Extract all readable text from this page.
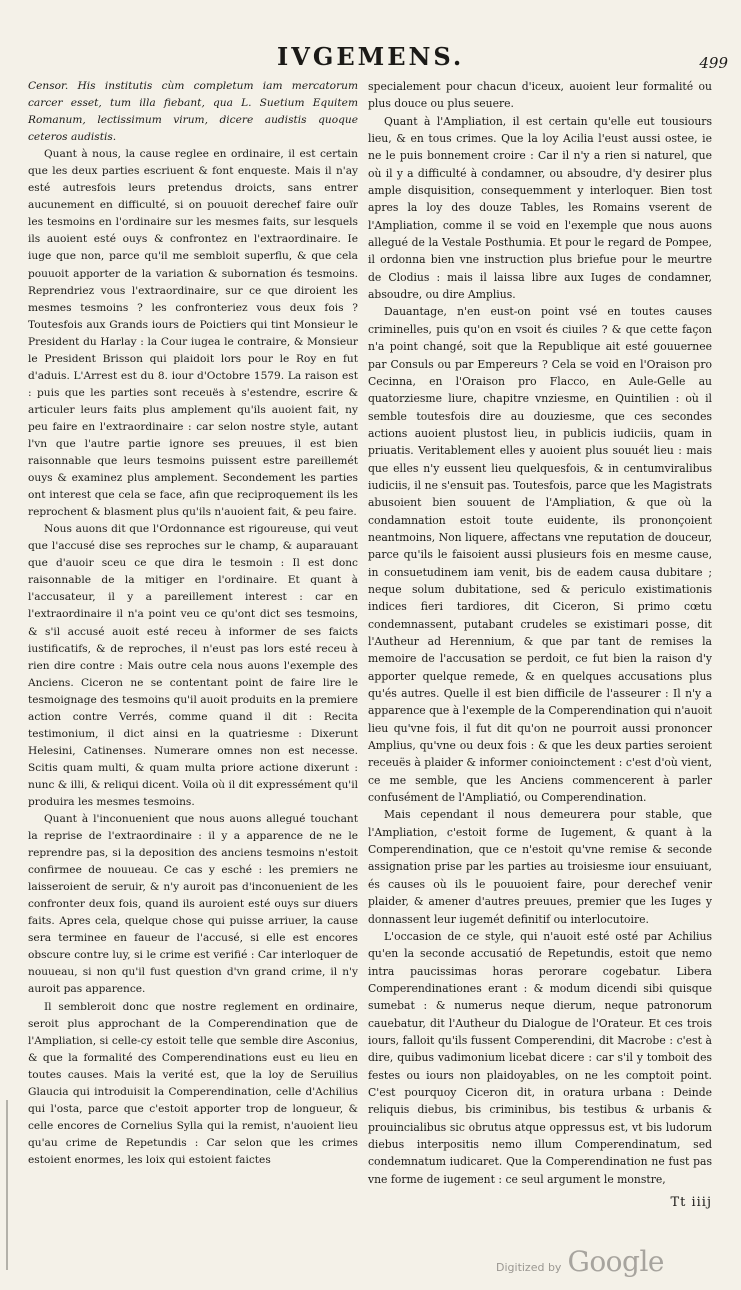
IVGEMENS.	499

Censor. His institutis cùm completum iam mercatorum carcer esset, tum illa fiebant, qua L. Suetium Equitem Romanum, lectissimum virum, dicere audistis quoque ceteros audistis.

Quant à nous, la cause reglee en ordinaire, il est certain que les deux parties escriuent & font enqueste. Mais il n'ay esté autresfois leurs pretendus droicts, sans entrer aucunement en difficulté, si on pouuoit derechef faire ouïr les tesmoins en l'ordinaire sur les mesmes faits, sur lesquels ils auoient esté ouys & confrontez en l'extraordinaire. Ie iuge que non, parce qu'il me sembloit superflu, & que cela pouuoit apporter de la variation & subornation és tesmoins. Reprendriez vous l'extraordinaire, sur ce que diroient les mesmes tesmoins ? les confronteriez vous deux fois ? Toutesfois aux Grands iours de Poictiers qui tint Monsieur le President du Harlay : la Cour iugea le contraire, & Monsieur le President Brisson qui plaidoit lors pour le Roy en fut d'aduis. L'Arrest est du 8. iour d'Octobre 1579. La raison est : puis que les parties sont receuës à s'estendre, escrire & articuler leurs faits plus amplement qu'ils auoient fait, ny peu faire en l'extraordinaire : car selon nostre style, autant l'vn que l'autre partie ignore ses preuues, il est bien raisonnable que leurs tesmoins puissent estre pareillemét ouys & examinez plus amplement. Secondement les parties ont interest que cela se face, afin que reciproquement ils les reprochent & blasment plus qu'ils n'auoient fait, & peu faire.

Nous auons dit que l'Ordonnance est rigoureuse, qui veut que l'accusé dise ses reproches sur le champ, & auparauant que d'auoir sceu ce que dira le tesmoin : Il est donc raisonnable de la mitiger en l'ordinaire. Et quant à l'accusateur, il y a pareillement interest : car en l'extraordinaire il n'a point veu ce qu'ont dict ses tesmoins, & s'il accusé auoit esté receu à informer de ses faicts iustificatifs, & de reproches, il n'eust pas lors esté receu à rien dire contre : Mais outre cela nous auons l'exemple des Anciens. Ciceron ne se contentant point de faire lire le tesmoignage des tesmoins qu'il auoit produits en la premiere action contre Verrés, comme quand il dit : Recita testimonium, il dict ainsi en la quatriesme : Dixerunt Helesini, Catinenses. Numerare omnes non est necesse. Scitis quam multi, & quam multa priore actione dixerunt : nunc & illi, & reliqui dicent. Voila où il dit expressément qu'il produira les mesmes tesmoins.

Quant à l'inconuenient que nous auons allegué touchant la reprise de l'extraordinaire : il y a apparence de ne le reprendre pas, si la deposition des anciens tesmoins n'estoit confirmee de nouueau. Ce cas y esché : les premiers ne laisseroient de seruir, & n'y auroit pas d'inconuenient de les confronter deux fois, quand ils auroient esté ouys sur diuers faits. Apres cela, quelque chose qui puisse arriuer, la cause sera terminee en faueur de l'accusé, si elle est encores obscure contre luy, si le crime est verifié : Car interloquer de nouueau, si non qu'il fust question d'vn grand crime, il n'y auroit pas apparence.

Il sembleroit donc que nostre reglement en ordinaire, seroit plus approchant de la Comperendination que de l'Ampliation, si celle-cy estoit telle que semble dire Asconius, & que la formalité des Comperendinations eust eu lieu en toutes causes. Mais la verité est, que la loy de Seruilius Glaucia qui introduisit la Comperendination, celle d'Achilius qui l'osta, parce que c'estoit apporter trop de longueur, & celle encores de Cornelius Sylla qui la remist, n'auoient lieu qu'au crime de Repetundis : Car selon que les crimes estoient enormes, les loix qui estoient faictes

specialement pour chacun d'iceux, auoient leur formalité ou plus douce ou plus seuere.

Quant à l'Ampliation, il est certain qu'elle eut tousiours lieu, & en tous crimes. Que la loy Acilia l'eust aussi ostee, ie ne le puis bonnement croire : Car il n'y a rien si naturel, que où il y a difficulté à condamner, ou absoudre, d'y desirer plus ample disquisition, consequemment y interloquer. Bien tost apres la loy des douze Tables, les Romains vserent de l'Ampliation, comme il se void en l'exemple que nous auons allegué de la Vestale Posthumia. Et pour le regard de Pompee, il ordonna bien vne instruction plus briefue pour le meurtre de Clodius : mais il laissa libre aux Iuges de condamner, absoudre, ou dire Amplius.

Dauantage, n'en eust-on point vsé en toutes causes criminelles, puis qu'on en vsoit és ciuiles ? & que cette façon n'a point changé, soit que la Republique ait esté gouuernee par Consuls ou par Empereurs ? Cela se void en l'Oraison pro Cecinna, en l'Oraison pro Flacco, en Aule-Gelle au quatorziesme liure, chapitre vnziesme, en Quintilien : où il semble toutesfois dire au douziesme, que ces secondes actions auoient plustost lieu, in publicis iudiciis, quam in priuatis. Veritablement elles y auoient plus souuét lieu : mais que elles n'y eussent lieu quelquesfois, & in centumviralibus iudiciis, il ne s'ensuit pas. Toutesfois, parce que les Magistrats abusoient bien souuent de l'Ampliation, & que où la condamnation estoit toute euidente, ils prononçoient neantmoins, Non liquere, affectans vne reputation de douceur, parce qu'ils le faisoient aussi plusieurs fois en mesme cause, in consuetudinem iam venit, bis de eadem causa dubitare ; neque solum dubitatione, sed & periculo existimationis indices fieri tardiores, dit Ciceron, Si primo cœtu condemnassent, putabant crudeles se existimari posse, dit l'Autheur ad Herennium, & que par tant de remises la memoire de l'accusation se perdoit, ce fut bien la raison d'y apporter quelque remede, & en quelques accusations plus qu'és autres. Quelle il est bien difficile de l'asseurer : Il n'y a apparence que à l'exemple de la Comperendination qui n'auoit lieu qu'vne fois, il fut dit qu'on ne pourroit aussi prononcer Amplius, qu'vne ou deux fois : & que les deux parties seroient receuës à plaider & informer conioinctement : c'est d'où vient, ce me semble, que les Anciens commencerent à parler confusément de l'Ampliatió, ou Comperendination.

Mais cependant il nous demeurera pour stable, que l'Ampliation, c'estoit forme de Iugement, & quant à la Comperendination, que ce n'estoit qu'vne remise & seconde assignation prise par les parties au troisiesme iour ensuiuant, és causes où ils le pouuoient faire, pour derechef venir plaider, & amener d'autres preuues, premier que les Iuges y donnassent leur iugemét definitif ou interlocutoire.

L'occasion de ce style, qui n'auoit esté osté par Achilius qu'en la seconde accusatió de Repetundis, estoit que nemo intra paucissimas horas perorare cogebatur. Libera Comperendinationes erant : & modum dicendi sibi quisque sumebat : & numerus neque dierum, neque patronorum cauebatur, dit l'Autheur du Dialogue de l'Orateur. Et ces trois iours, falloit qu'ils fussent Comperendini, dit Macrobe : c'est à dire, quibus vadimonium licebat dicere : car s'il y tomboit des festes ou iours non plaidoyables, on ne les comptoit point. C'est pourquoy Ciceron dit, in oratura urbana : Deinde reliquis diebus, bis criminibus, bis testibus & urbanis & prouincialibus sic obrutus atque oppressus est, vt bis ludorum diebus interpositis nemo illum Comperendinatum, sed condemnatum iudicaret. Que la Comperendination ne fust pas vne forme de iugement : ce seul argument le monstre,

Tt iiij
Digitized by Google
